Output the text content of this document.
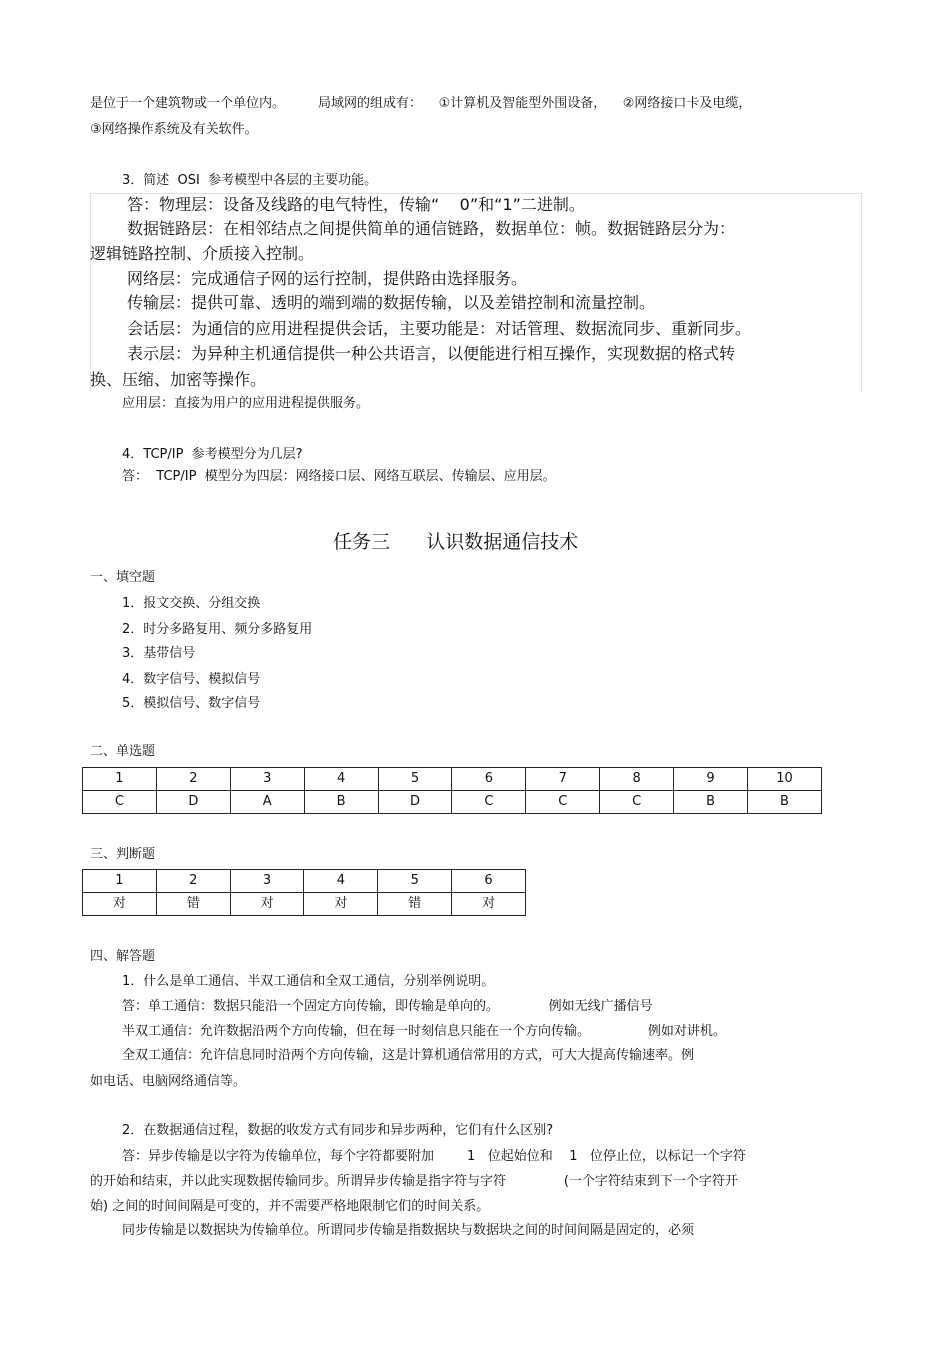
是位于一个建筑物或一个单位内。        局域网的组成有：    ①计算机及智能型外围设备，    ②网络接口卡及电缆，
③网络操作系统及有关软件。
3．简述  OSI  参考模型中各层的主要功能。
答：物理层：设备及线路的电气特性，传输“    0”和“1”二进制。
数据链路层：在相邻结点之间提供简单的通信链路，数据单位：帧。数据链路层分为：
逻辑链路控制、介质接入控制。
网络层：完成通信子网的运行控制，提供路由选择服务。
传输层：提供可靠、透明的端到端的数据传输，以及差错控制和流量控制。
会话层：为通信的应用进程提供会话，主要功能是：对话管理、数据流同步、重新同步。
表示层：为异种主机通信提供一种公共语言，以便能进行相互操作，实现数据的格式转
换、压缩、加密等操作。
应用层：直接为用户的应用进程提供服务。
4．TCP/IP  参考模型分为几层?
答：  TCP/IP  模型分为四层：网络接口层、网络互联层、传输层、应用层。
任务三      认识数据通信技术
一、填空题
1．报文交换、分组交换
2．时分多路复用、频分多路复用
3．基带信号
4．数字信号、模拟信号
5．模拟信号、数字信号
二、单选题
1	2	3	4	5	6	7	8	9	10
C	D	A	B	D	C	C	C	B	B
三、判断题
1	2	3	4	5	6
对	错	对	对	错	对
四、解答题
1．什么是单工通信、半双工通信和全双工通信，分别举例说明。
答：单工通信：数据只能沿一个固定方向传输，即传输是单向的。            例如无线广播信号
半双工通信：允许数据沿两个方向传输，但在每一时刻信息只能在一个方向传输。              例如对讲机。
全双工通信：允许信息同时沿两个方向传输，这是计算机通信常用的方式，可大大提高传输速率。例
如电话、电脑网络通信等。
2．在数据通信过程，数据的收发方式有同步和异步两种，它们有什么区别?
答：异步传输是以字符为传输单位，每个字符都要附加        1   位起始位和    1   位停止位，以标记一个字符
的开始和结束，并以此实现数据传输同步。所谓异步传输是指字符与字符              (一个字符结束到下一个字符开
始) 之间的时间间隔是可变的，并不需要严格地限制它们的时间关系。
同步传输是以数据块为传输单位。所谓同步传输是指数据块与数据块之间的时间间隔是固定的，必须
